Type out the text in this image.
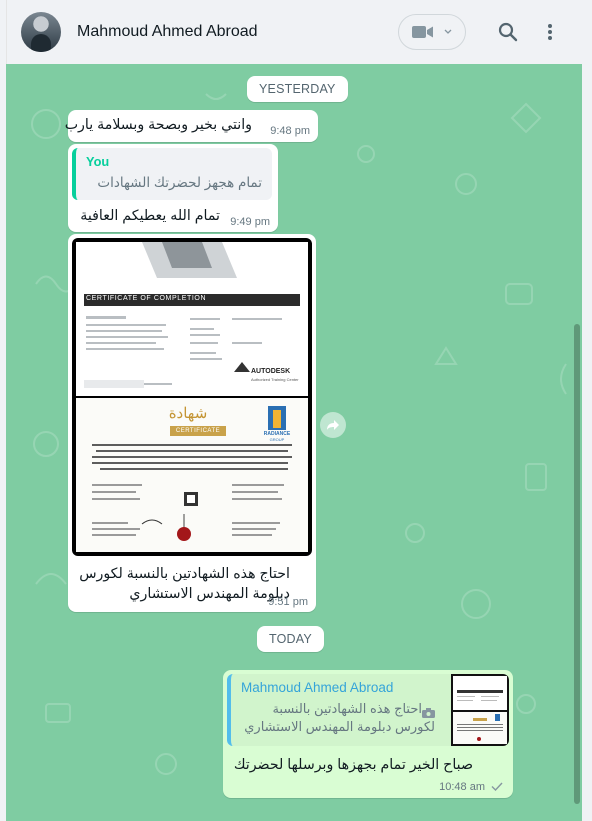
Mahmoud Ahmed Abroad
YESTERDAY
وانتي بخير وبصحة وبسلامة يارب 9:48 pm
You
تمام هجهز لحضرتك الشهادات
تمام الله يعطيكم العافية 9:49 pm
CERTIFICATE OF COMPLETION
AUTODESK
Authorized Training Center
شهادة
CERTIFICATE	RADIANCE
GROUP
احتاج هذه الشهادتين بالنسبة لكورس دبلومة المهندس الاستشاري
9:51 pm
TODAY
Mahmoud Ahmed Abroad
احتاج هذه الشهادتين بالنسبة لكورس دبلومة المهندس الاستشاري
صباح الخير تمام بجهزها وبرسلها لحضرتك
10:48 am
